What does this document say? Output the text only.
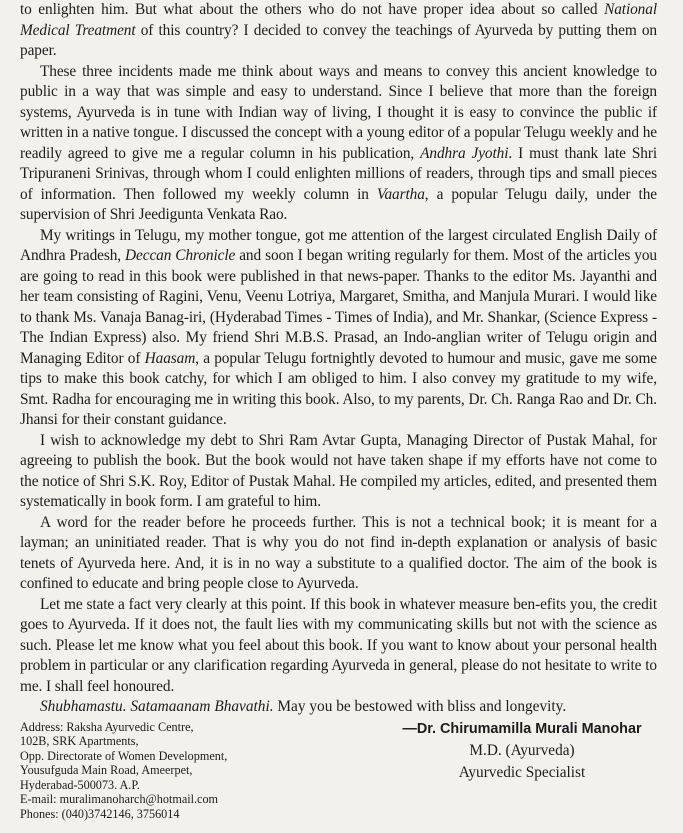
to enlighten him. But what about the others who do not have proper idea about so called National Medical Treatment of this country? I decided to convey the teachings of Ayurveda by putting them on paper.

These three incidents made me think about ways and means to convey this ancient knowledge to public in a way that was simple and easy to understand. Since I believe that more than the foreign systems, Ayurveda is in tune with Indian way of living, I thought it is easy to convince the public if written in a native tongue. I discussed the concept with a young editor of a popular Telugu weekly and he readily agreed to give me a regular column in his publication, Andhra Jyothi. I must thank late Shri Tripuraneni Srinivas, through whom I could enlighten millions of readers, through tips and small pieces of information. Then followed my weekly column in Vaartha, a popular Telugu daily, under the supervision of Shri Jeedigunta Venkata Rao.

My writings in Telugu, my mother tongue, got me attention of the largest circulated English Daily of Andhra Pradesh, Deccan Chronicle and soon I began writing regularly for them. Most of the articles you are going to read in this book were published in that news-paper. Thanks to the editor Ms. Jayanthi and her team consisting of Ragini, Venu, Veenu Lotriya, Margaret, Smitha, and Manjula Murari. I would like to thank Ms. Vanaja Banag-iri, (Hyderabad Times - Times of India), and Mr. Shankar, (Science Express - The Indian Express) also. My friend Shri M.B.S. Prasad, an Indo-anglian writer of Telugu origin and Managing Editor of Haasam, a popular Telugu fortnightly devoted to humour and music, gave me some tips to make this book catchy, for which I am obliged to him. I also convey my gratitude to my wife, Smt. Radha for encouraging me in writing this book. Also, to my parents, Dr. Ch. Ranga Rao and Dr. Ch. Jhansi for their constant guidance.

I wish to acknowledge my debt to Shri Ram Avtar Gupta, Managing Director of Pustak Mahal, for agreeing to publish the book. But the book would not have taken shape if my efforts have not come to the notice of Shri S.K. Roy, Editor of Pustak Mahal. He compiled my articles, edited, and presented them systematically in book form. I am grateful to him.

A word for the reader before he proceeds further. This is not a technical book; it is meant for a layman; an uninitiated reader. That is why you do not find in-depth explanation or analysis of basic tenets of Ayurveda here. And, it is in no way a substitute to a qualified doctor. The aim of the book is confined to educate and bring people close to Ayurveda.

Let me state a fact very clearly at this point. If this book in whatever measure ben-efits you, the credit goes to Ayurveda. If it does not, the fault lies with my communicating skills but not with the science as such. Please let me know what you feel about this book. If you want to know about your personal health problem in particular or any clarification regarding Ayurveda in general, please do not hesitate to write to me. I shall feel honoured.

Shubhamastu. Satamaanam Bhavathi. May you be bestowed with bliss and longevity.

Address: Raksha Ayurvedic Centre,
102B, SRK Apartments,
Opp. Directorate of Women Development,
Yousufguda Main Road, Ameerpet,
Hyderabad-500073. A.P.
E-mail: muralimanoharch@hotmail.com
Phones: (040)3742146, 3756014
—Dr. Chirumamilla Murali Manohar
M.D. (Ayurveda)
Ayurvedic Specialist
